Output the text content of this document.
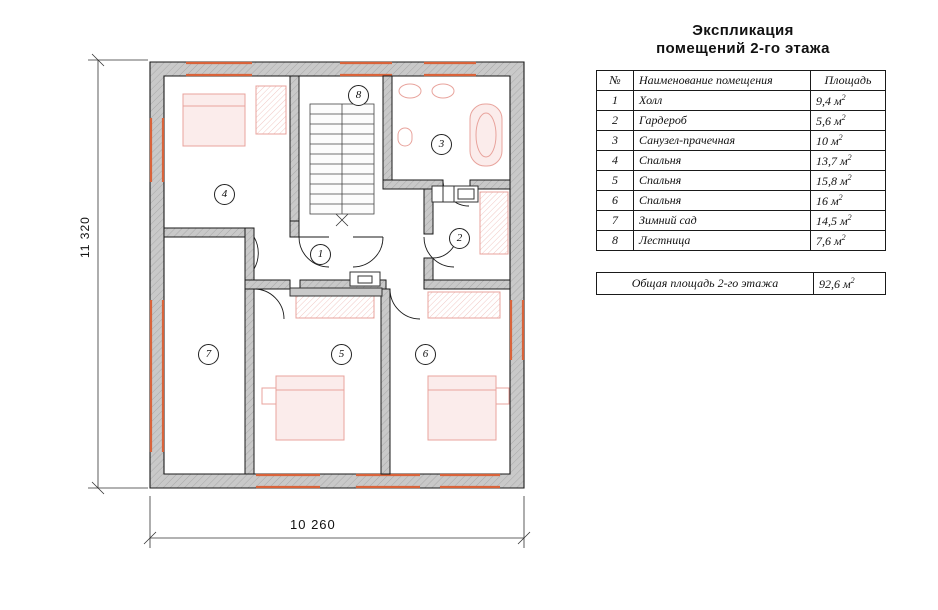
1
2
3
4
5	6
7
8
11 320
10 260
Экспликация
помещений 2-го этажа
№	Наименование помещения	Площадь
1	Холл	9,4 $м^2$
2	Гардероб	5,6 $м^2$
3	Санузел-прачечная	10 $м^2$
4	Спальня	13,7 $м^2$
5	Спальня	15,8 $м^2$
6	Спальня	16 $м^2$
7	Зимний сад	14,5 $м^2$
8	Лестница	7,6 $м^2$
Общая площадь 2-го этажа	92,6 $м^2$
